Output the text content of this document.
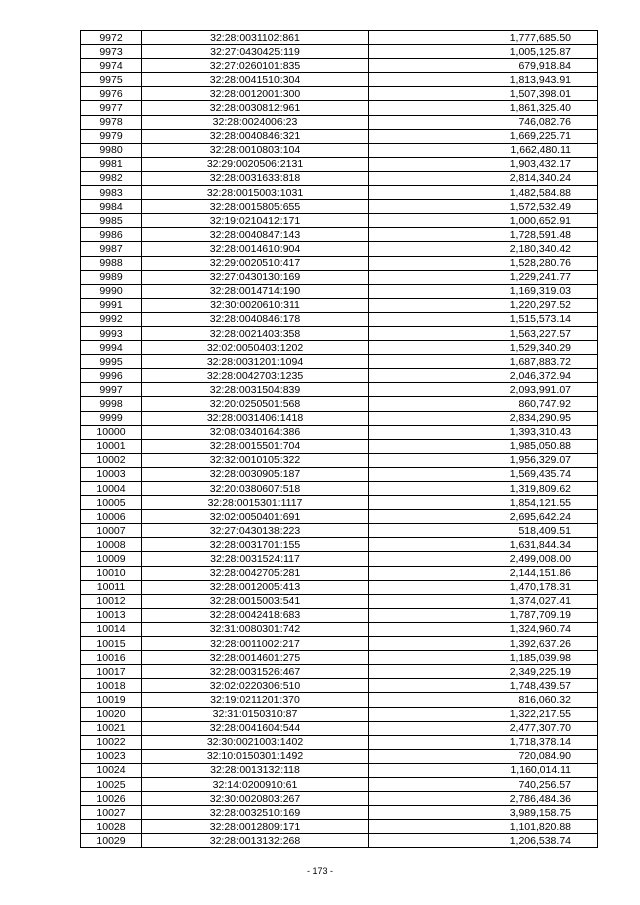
9972	32:28:0031102:861	1,777,685.50
9973	32:27:0430425:119	1,005,125.87
9974	32:27:0260101:835	679,918.84
9975	32:28:0041510:304	1,813,943.91
9976	32:28:0012001:300	1,507,398.01
9977	32:28:0030812:961	1,861,325.40
9978	32:28:0024006:23	746,082.76
9979	32:28:0040846:321	1,669,225.71
9980	32:28:0010803:104	1,662,480.11
9981	32:29:0020506:2131	1,903,432.17
9982	32:28:0031633:818	2,814,340.24
9983	32:28:0015003:1031	1,482,584.88
9984	32:28:0015805:655	1,572,532.49
9985	32:19:0210412:171	1,000,652.91
9986	32:28:0040847:143	1,728,591.48
9987	32:28:0014610:904	2,180,340.42
9988	32:29:0020510:417	1,528,280.76
9989	32:27:0430130:169	1,229,241.77
9990	32:28:0014714:190	1,169,319.03
9991	32:30:0020610:311	1,220,297.52
9992	32:28:0040846:178	1,515,573.14
9993	32:28:0021403:358	1,563,227.57
9994	32:02:0050403:1202	1,529,340.29
9995	32:28:0031201:1094	1,687,883.72
9996	32:28:0042703:1235	2,046,372.94
9997	32:28:0031504:839	2,093,991.07
9998	32:20:0250501:568	860,747.92
9999	32:28:0031406:1418	2,834,290.95
10000	32:08:0340164:386	1,393,310.43
10001	32:28:0015501:704	1,985,050.88
10002	32:32:0010105:322	1,956,329.07
10003	32:28:0030905:187	1,569,435.74
10004	32:20:0380607:518	1,319,809.62
10005	32:28:0015301:1117	1,854,121.55
10006	32:02:0050401:691	2,695,642.24
10007	32:27:0430138:223	518,409.51
10008	32:28:0031701:155	1,631,844.34
10009	32:28:0031524:117	2,499,008.00
10010	32:28:0042705:281	2,144,151.86
10011	32:28:0012005:413	1,470,178.31
10012	32:28:0015003:541	1,374,027.41
10013	32:28:0042418:683	1,787,709.19
10014	32:31:0080301:742	1,324,960.74
10015	32:28:0011002:217	1,392,637.26
10016	32:28:0014601:275	1,185,039.98
10017	32:28:0031526:467	2,349,225.19
10018	32:02:0220306:510	1,748,439.57
10019	32:19:0211201:370	816,060.32
10020	32:31:0150310:87	1,322,217.55
10021	32:28:0041604:544	2,477,307.70
10022	32:30:0021003:1402	1,718,378.14
10023	32:10:0150301:1492	720,084.90
10024	32:28:0013132:118	1,160,014.11
10025	32:14:0200910:61	740,256.57
10026	32:30:0020803:267	2,786,484.36
10027	32:28:0032510:169	3,989,158.75
10028	32:28:0012809:171	1,101,820.88
10029	32:28:0013132:268	1,206,538.74
- 173 -
